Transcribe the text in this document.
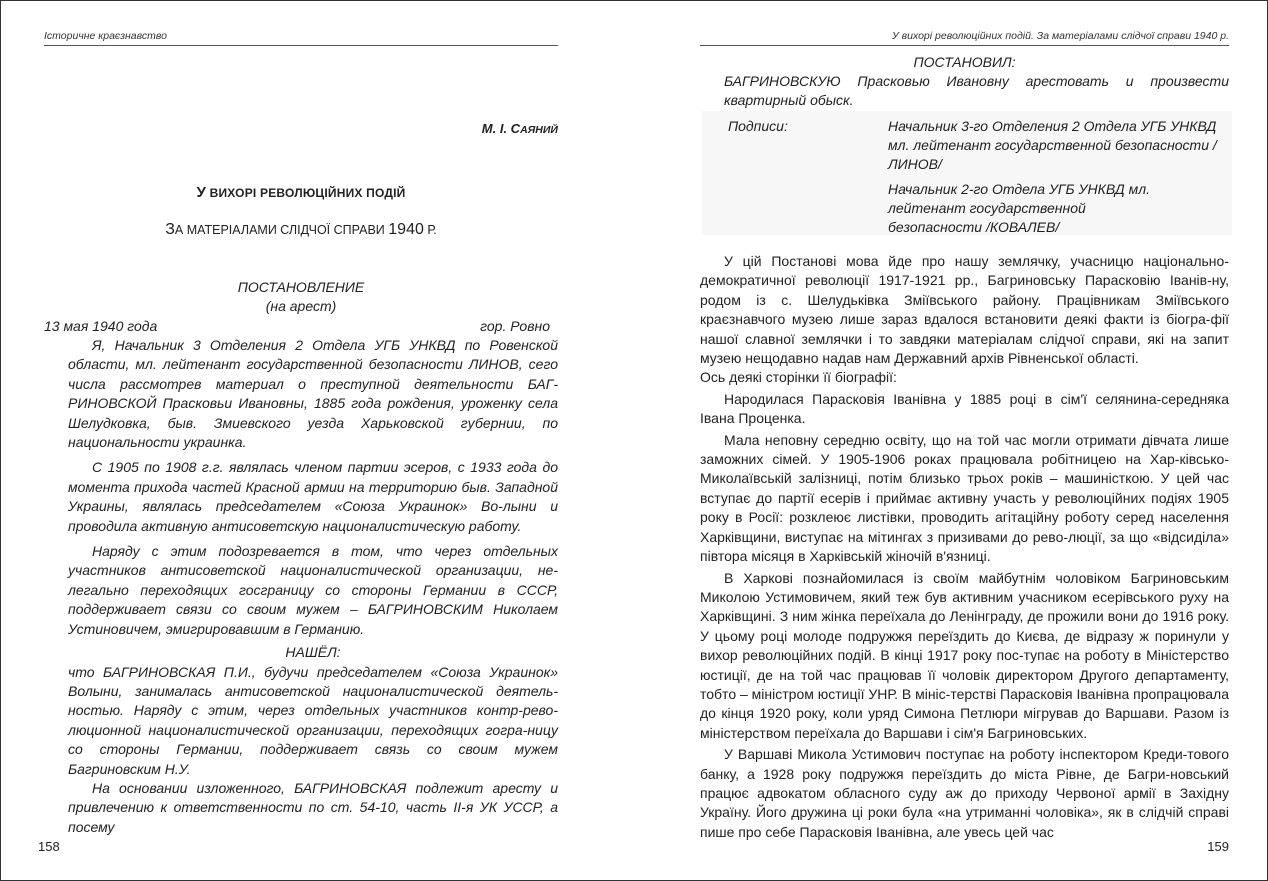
Історичне краєзнавство
М. І. САЯНИЙ
У ВИХОРІ РЕВОЛЮЦІЙНИХ ПОДІЙ
ЗА МАТЕРІАЛАМИ СЛІДЧОЇ СПРАВИ 1940 Р.
ПОСТАНОВЛЕНИЕ
(на арест)
13 мая 1940 года	гор. Ровно

Я, Начальник 3 Отделения 2 Отдела УГБ УНКВД по Ровенской области, мл. лейтенант государственной безопасности ЛИНОВ, сего числа рассмотрев материал о преступной деятельности БАГ-РИНОВСКОЙ Прасковьи Ивановны, 1885 года рождения, уроженку села Шелудковка, быв. Змиевского уезда Харьковской губернии, по национальности украинка.

С 1905 по 1908 г.г. являлась членом партии эсеров, с 1933 года до момента прихода частей Красной армии на территорию быв. Западной Украины, являлась председателем «Союза Украинок» Во-лыни и проводила активную антисоветскую националистическую работу.

Наряду с этим подозревается в том, что через отдельных участников антисоветской националистической организации, не-легально переходящих госграницу со стороны Германии в СССР, поддерживает связи со своим мужем – БАГРИНОВСКИМ Николаем Устиновичем, эмигрировавшим в Германию.

НАШЁЛ:

что БАГРИНОВСКАЯ П.И., будучи председателем «Союза Украинок» Волыни, занималась антисоветской националистической деятель-ностью. Наряду с этим, через отдельных участников контр-рево-люционной националистической организации, переходящих гогра-ницу со стороны Германии, поддерживает связь со своим мужем Багриновским Н.У.

На основании изложенного, БАГРИНОВСКАЯ подлежит аресту и привлечению к ответственности по ст. 54-10, часть ІІ-я УК УССР, а посему

158
У вихорі революційних подій. За матеріалами слідчої справи 1940 р.
ПОСТАНОВИЛ:

БАГРИНОВСКУЮ Прасковью Ивановну арестовать и произвести квартирный обыск.

Подписи:	Начальник 3-го Отделения 2 Отдела УГБ УНКВД мл. лейтенант государственной безопасности /ЛИНОВ/
Начальник 2-го Отдела УГБ УНКВД мл. лейтенант государственной безопасности /КОВАЛЕВ/

У цій Постанові мова йде про нашу землячку, учасницю національно-демократичної революції 1917-1921 рр., Багриновську Парасковію Іванів-ну, родом із с. Шелудьківка Зміївського району. Працівникам Зміївського краєзнавчого музею лише зараз вдалося встановити деякі факти із біогра-фії нашої славної землячки і то завдяки матеріалам слідчої справи, які на запит музею нещодавно надав нам Державний архів Рівненської області.

Ось деякі сторінки її біографії:

Народилася Парасковія Іванівна у 1885 році в сім'ї селянина-середняка Івана Проценка.

Мала неповну середню освіту, що на той час могли отримати дівчата лише заможних сімей. У 1905-1906 роках працювала робітницею на Хар-ківсько-Миколаївській залізниці, потім близько трьох років – машиністкою. У цей час вступає до партії есерів і приймає активну участь у революційних подіях 1905 року в Росії: розклеює листівки, проводить агітаційну роботу серед населення Харківщини, виступає на мітингах з призивами до рево-люції, за що «відсиділа» півтора місяця в Харківській жіночій в'язниці.

В Харкові познайомилася із своїм майбутнім чоловіком Багриновським Миколою Устимовичем, який теж був активним учасником есерівського руху на Харківщині. З ним жінка переїхала до Ленінграду, де прожили вони до 1916 року. У цьому році молоде подружжя переїздить до Києва, де відразу ж поринули у вихор революційних подій. В кінці 1917 року пос-тупає на роботу в Міністерство юстиції, де на той час працював її чоловік директором Другого департаменту, тобто – міністром юстиції УНР. В мініс-терстві Парасковія Іванівна пропрацювала до кінця 1920 року, коли уряд Симона Петлюри мігрував до Варшави. Разом із міністерством переїхала до Варшави і сім'я Багриновських.

У Варшаві Микола Устимович поступає на роботу інспектором Креди-тового банку, а 1928 року подружжя переїздить до міста Рівне, де Багри-новський працює адвокатом обласного суду аж до приходу Червоної армії в Західну Україну. Його дружина ці роки була «на утриманні чоловіка», як в слідчій справі пише про себе Парасковія Іванівна, але увесь цей час

159
